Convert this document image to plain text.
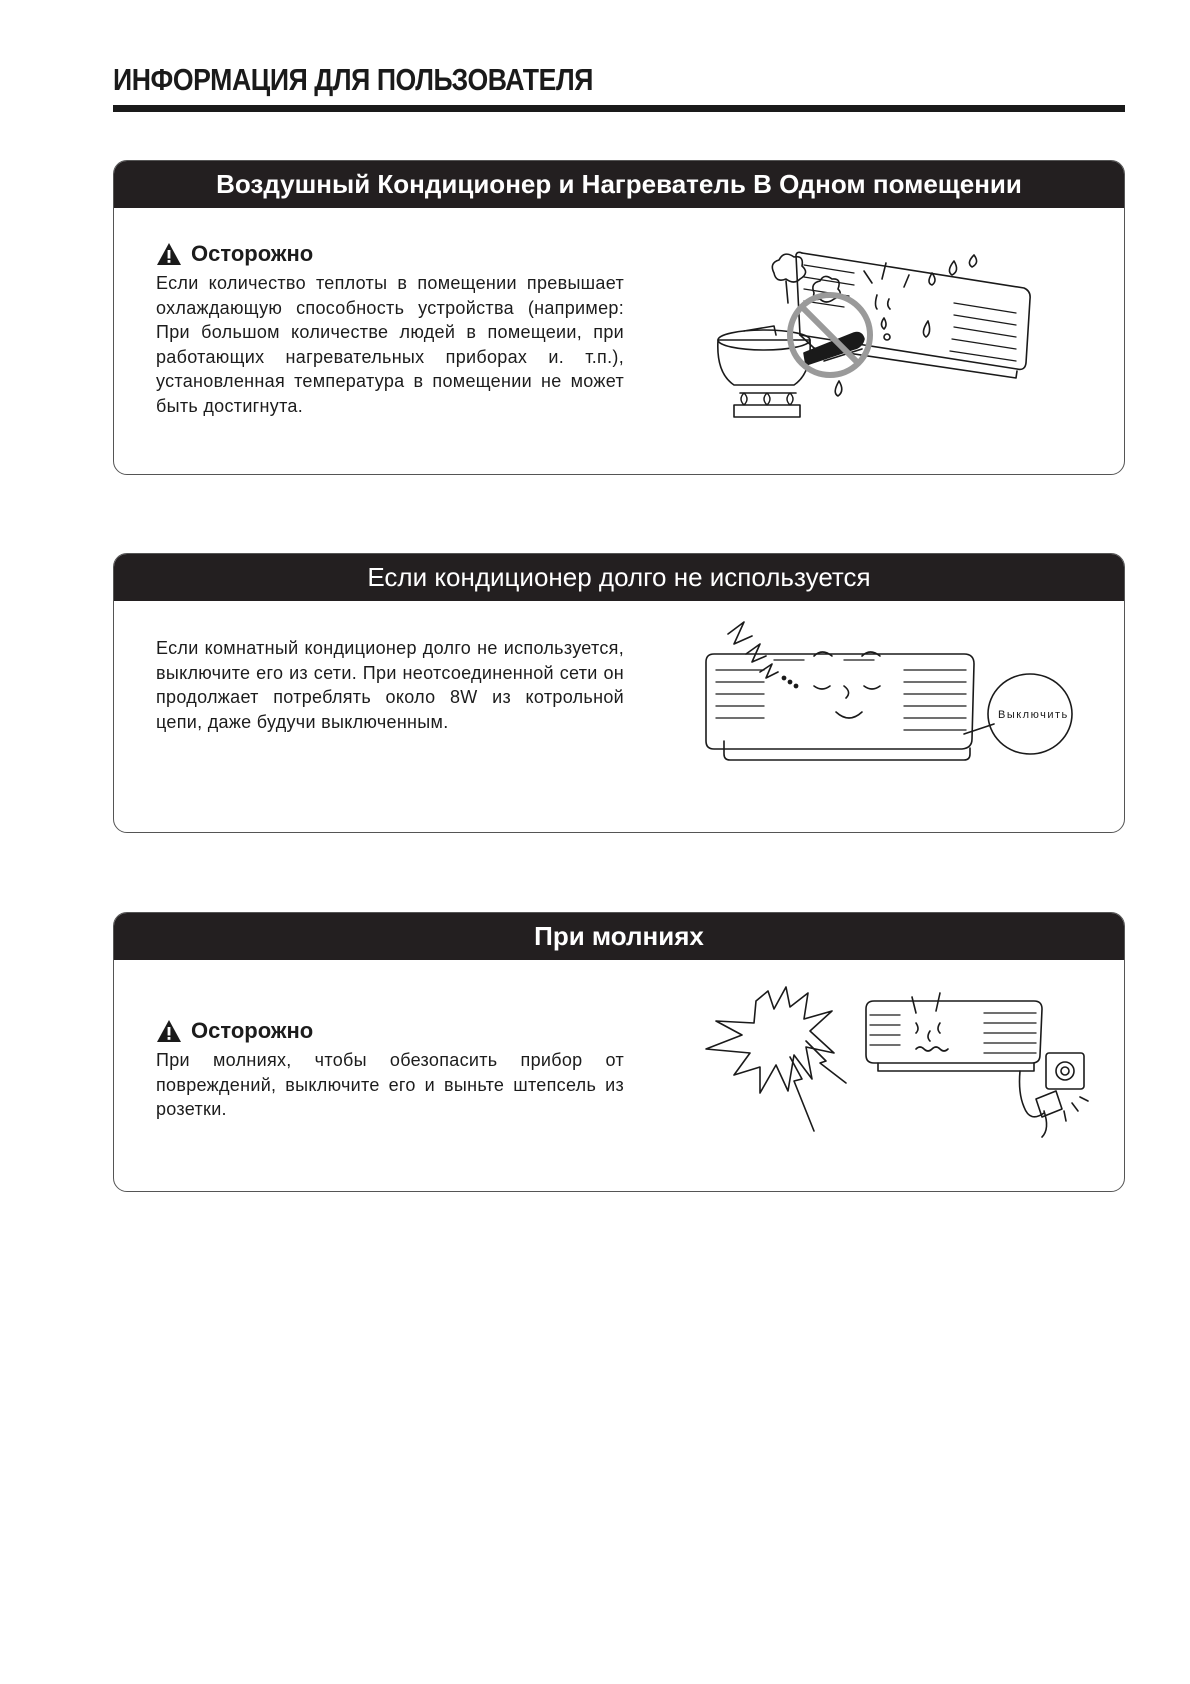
ИНФОРМАЦИЯ ДЛЯ ПОЛЬЗОВАТЕЛЯ
Воздушный Кондиционер и Нагреватель В Одном помещении
Осторожно

Если количество теплоты в помещении превышает охлаждающую способность устройства (например: При большом количестве людей в помещеии, при работающих нагревательных приборах и. т.п.), установленная температура в помещении не может быть достигнута.

Если кондиционер долго не используется

Если комнатный кондиционер долго не используется, выключите его из сети. При неотсоединенной сети он продолжает потреблять около 8W из котрольной цепи, даже будучи выключенным.	Выключить
При молниях
Осторожно

При молниях, чтобы обезопасить прибор от повреждений, выключите его и выньте штепсель из розетки.
